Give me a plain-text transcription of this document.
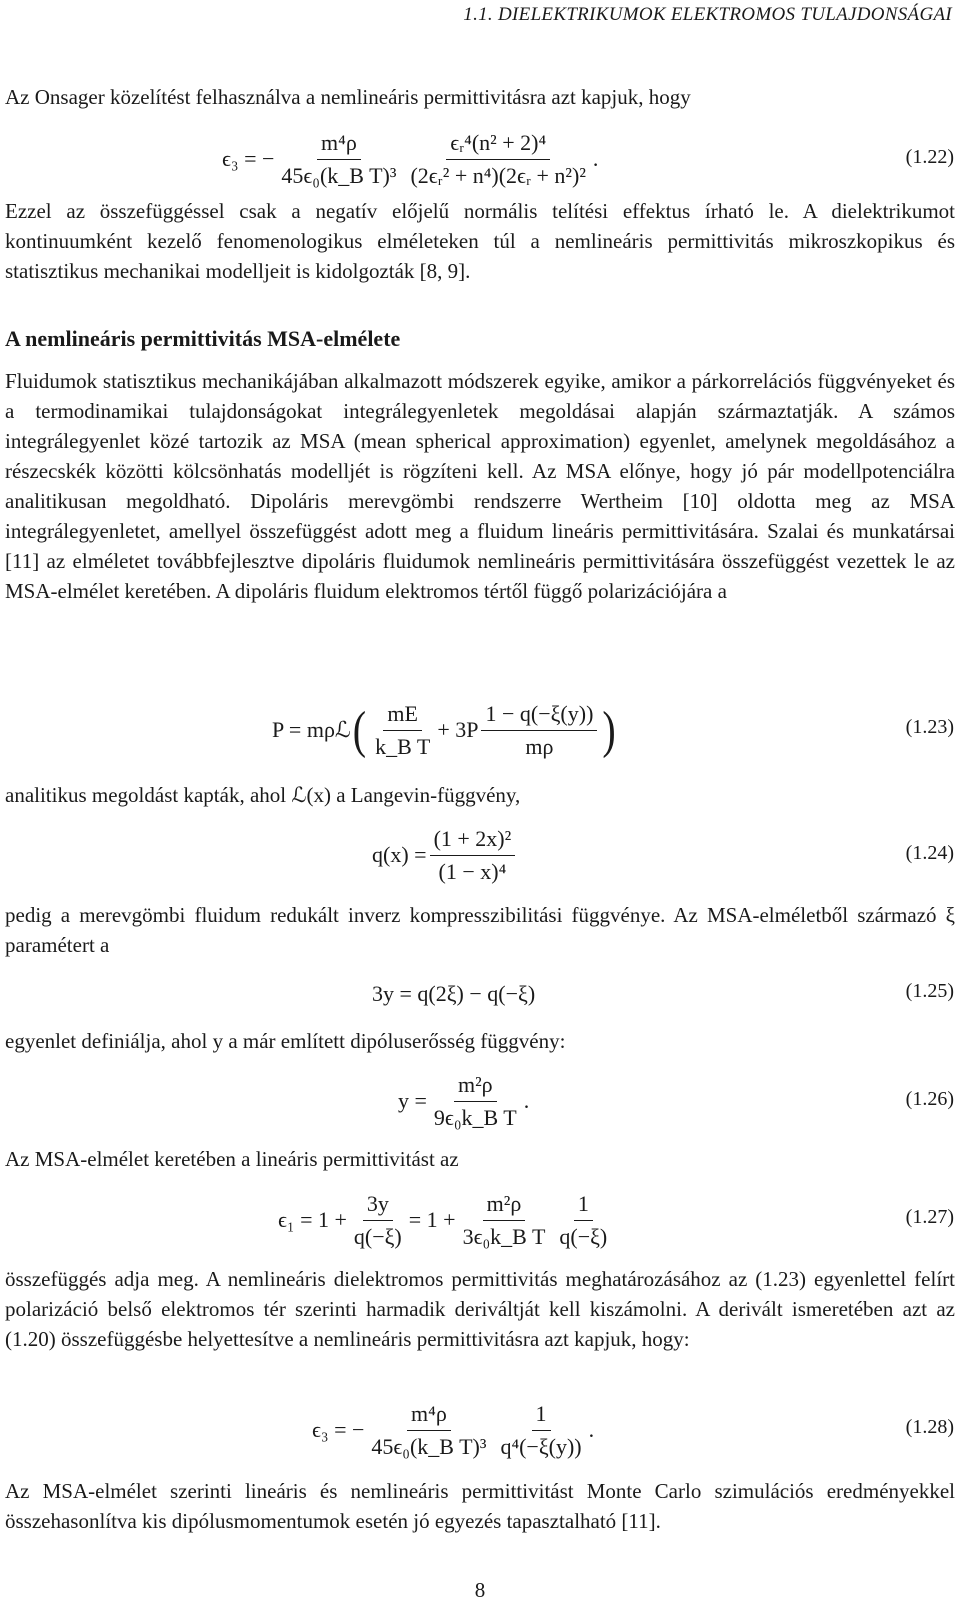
1.1. DIELEKTRIKUMOK ELEKTROMOS TULAJDONSÁGAI
Az Onsager közelítést felhasználva a nemlineáris permittivitásra azt kapjuk, hogy
ϵ₃ = − $\frac{\text{m⁴ρ}}{\text{45ϵ₀(k\_B T)³}} \frac{\text{ϵᵣ⁴(n² + 2)⁴}}{\text{(2ϵᵣ² + n⁴)(2ϵᵣ + n²)²}}$ .	(1.22)
Ezzel az összefüggéssel csak a negatív előjelű normális telítési effektus írható le. A dielektrikumot kontinuumként kezelő fenomenologikus elméleteken túl a nemlineáris permittivitás mikroszkopikus és statisztikus mechanikai modelljeit is kidolgozták [8, 9].
A nemlineáris permittivitás MSA-elmélete
Fluidumok statisztikus mechanikájában alkalmazott módszerek egyike, amikor a párkorrelációs függvényeket és a termodinamikai tulajdonságokat integrálegyenletek megoldásai alapján származtatják. A számos integrálegyenlet közé tartozik az MSA (mean spherical approximation) egyenlet, amelynek megoldásához a részecskék közötti kölcsönhatás modelljét is rögzíteni kell. Az MSA előnye, hogy jó pár modellpotenciálra analitikusan megoldható. Dipoláris merevgömbi rendszerre Wertheim [10] oldotta meg az MSA integrálegyenletet, amellyel összefüggést adott meg a fluidum lineáris permittivitására. Szalai és munkatársai [11] az elméletet továbbfejlesztve dipoláris fluidumok nemlineáris permittivitására összefüggést vezettek le az MSA-elmélet keretében. A dipoláris fluidum elektromos tértől függő polarizációjára a
P = mρℒ ( $\frac{mE}{\text{k\_B T}} + 3P \frac{1 - q(-\xi(y))}{m\rho}$ )	(1.23)
analitikus megoldást kapták, ahol ℒ(x) a Langevin-függvény,
$q(x) = \frac{\text{(1 + 2x)²}}{\text{(1 − x)⁴}}$	(1.24)
pedig a merevgömbi fluidum redukált inverz kompresszibilitási függvénye. Az MSA-elméletből származó ξ paramétert a
3y = q(2ξ) − q(−ξ)	(1.25)
egyenlet definiálja, ahol y a már említett dipóluserősség függvény:
$y = \frac{\text{m²ρ}}{\text{9ϵ₀k\_B T}}$ .	(1.26)
Az MSA-elmélet keretében a lineáris permittivitást az
$\epsilon_1 = 1 + \frac{3y}{q(-\xi)} = 1 + \frac{\text{m²ρ}}{\text{3ϵ₀k\_B T}} \frac{1}{q(-\xi)}$	(1.27)
összefüggés adja meg. A nemlineáris dielektromos permittivitás meghatározásához az (1.23) egyenlettel felírt polarizáció belső elektromos tér szerinti harmadik deriváltját kell kiszámolni. A derivált ismeretében azt az (1.20) összefüggésbe helyettesítve a nemlineáris permittivitásra azt kapjuk, hogy:
ϵ₃ = − $\frac{\text{m⁴ρ}}{\text{45ϵ₀(k\_B T)³}} \frac{1}{\text{q⁴(−ξ(y))}}$ .	(1.28)
Az MSA-elmélet szerinti lineáris és nemlineáris permittivitást Monte Carlo szimulációs eredményekkel összehasonlítva kis dipólusmomentumok esetén jó egyezés tapasztalható [11].
8
